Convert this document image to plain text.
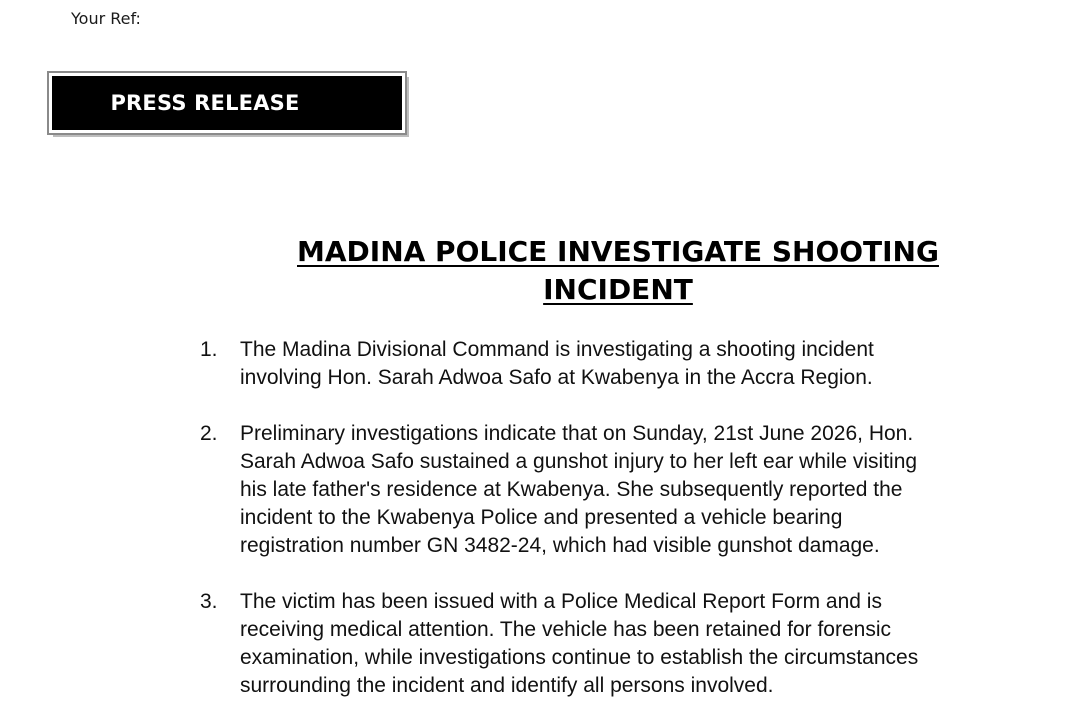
Your Ref:
PRESS RELEASE
MADINA POLICE INVESTIGATE SHOOTING
INCIDENT
1.	The Madina Divisional Command is investigating a shooting incident
involving Hon. Sarah Adwoa Safo at Kwabenya in the Accra Region.
2.	Preliminary investigations indicate that on Sunday, 21st June 2026, Hon.
Sarah Adwoa Safo sustained a gunshot injury to her left ear while visiting
his late father's residence at Kwabenya. She subsequently reported the
incident to the Kwabenya Police and presented a vehicle bearing
registration number GN 3482-24, which had visible gunshot damage.
3.	The victim has been issued with a Police Medical Report Form and is
receiving medical attention. The vehicle has been retained for forensic
examination, while investigations continue to establish the circumstances
surrounding the incident and identify all persons involved.
